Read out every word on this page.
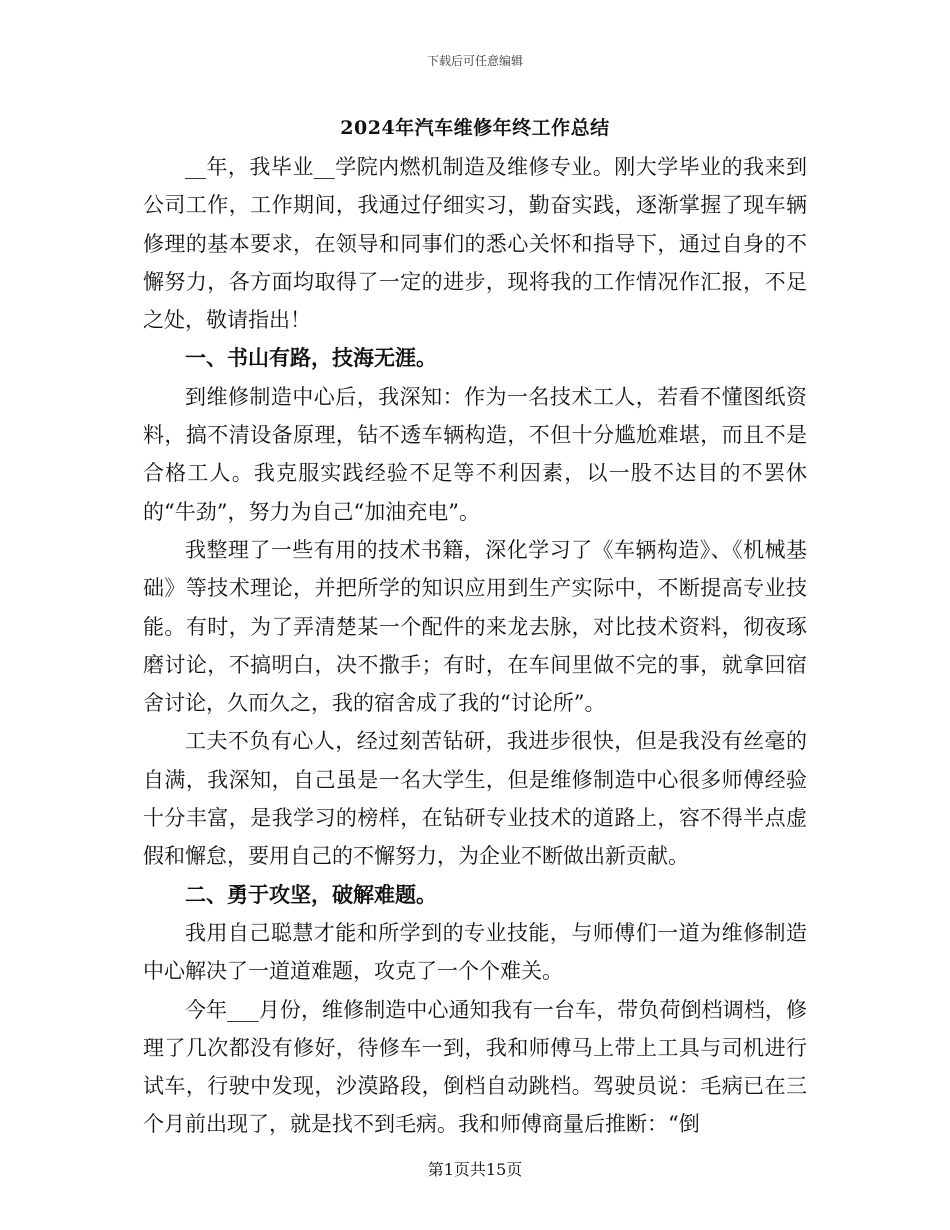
下载后可任意编辑
2024年汽车维修年终工作总结

__年，我毕业__学院内燃机制造及维修专业。刚大学毕业的我来到公司工作，工作期间，我通过仔细实习，勤奋实践，逐渐掌握了现车辆修理的基本要求，在领导和同事们的悉心关怀和指导下，通过自身的不懈努力，各方面均取得了一定的进步，现将我的工作情况作汇报，不足之处，敬请指出！

一、书山有路，技海无涯。

到维修制造中心后，我深知：作为一名技术工人，若看不懂图纸资料，搞不清设备原理，钻不透车辆构造，不但十分尴尬难堪，而且不是合格工人。我克服实践经验不足等不利因素，以一股不达目的不罢休的“牛劲”，努力为自己“加油充电”。

我整理了一些有用的技术书籍，深化学习了《车辆构造》、《机械基础》等技术理论，并把所学的知识应用到生产实际中，不断提高专业技能。有时，为了弄清楚某一个配件的来龙去脉，对比技术资料，彻夜琢磨讨论，不搞明白，决不撒手；有时，在车间里做不完的事，就拿回宿舍讨论，久而久之，我的宿舍成了我的“讨论所”。

工夫不负有心人，经过刻苦钻研，我进步很快，但是我没有丝毫的自满，我深知，自己虽是一名大学生，但是维修制造中心很多师傅经验十分丰富，是我学习的榜样，在钻研专业技术的道路上，容不得半点虚假和懈怠，要用自己的不懈努力，为企业不断做出新贡献。

二、勇于攻坚，破解难题。

我用自己聪慧才能和所学到的专业技能，与师傅们一道为维修制造中心解决了一道道难题，攻克了一个个难关。

今年___月份，维修制造中心通知我有一台车，带负荷倒档调档，修理了几次都没有修好，待修车一到，我和师傅马上带上工具与司机进行试车，行驶中发现，沙漠路段，倒档自动跳档。驾驶员说：毛病已在三个月前出现了，就是找不到毛病。我和师傅商量后推断：“倒

第1页共15页
